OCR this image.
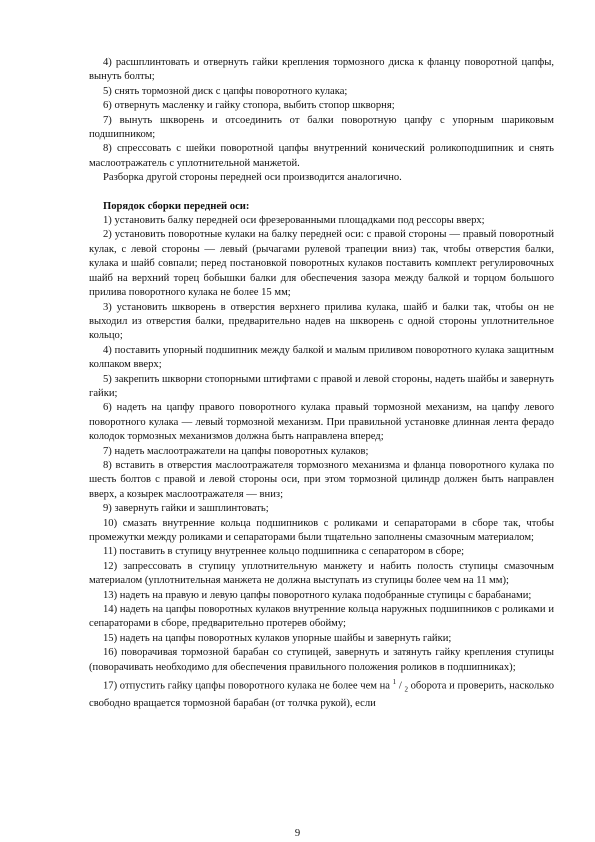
4) расшплинтовать и отвернуть гайки крепления тормозного диска к фланцу поворотной цапфы, вынуть болты;

5) снять тормозной диск с цапфы поворотного кулака;

6) отвернуть масленку и гайку стопора, выбить стопор шкворня;

7) вынуть шкворень и отсоединить от балки поворотную цапфу с упорным шариковым подшипником;

8) спрессовать с шейки поворотной цапфы внутренний конический роликоподшипник и снять маслоотражатель с уплотнительной манжетой.

Разборка другой стороны передней оси производится аналогично.

Порядок сборки передней оси:

1) установить балку передней оси фрезерованными площадками под рессоры вверх;

2) установить поворотные кулаки на балку передней оси: с правой стороны — правый поворотный кулак, с левой стороны — левый (рычагами рулевой трапеции вниз) так, чтобы отверстия балки, кулака и шайб совпали; перед постановкой поворотных кулаков поставить комплект регулировочных шайб на верхний торец бобышки балки для обеспечения зазора между балкой и торцом большого прилива поворотного кулака не более 15 мм;

3) установить шкворень в отверстия верхнего прилива кулака, шайб и балки так, чтобы он не выходил из отверстия балки, предварительно надев на шкворень с одной стороны уплотнительное кольцо;

4) поставить упорный подшипник между балкой и малым приливом поворотного кулака защитным колпаком вверх;

5) закрепить шкворни стопорными штифтами с правой и левой стороны, надеть шайбы и завернуть гайки;

6) надеть на цапфу правого поворотного кулака правый тормозной механизм, на цапфу левого поворотного кулака — левый тормозной механизм. При правильной установке длинная лента ферадо колодок тормозных механизмов должна быть направлена вперед;

7) надеть маслоотражатели на цапфы поворотных кулаков;

8) вставить в отверстия маслоотражателя тормозного механизма и фланца поворотного кулака по шесть болтов с правой и левой стороны оси, при этом тормозной цилиндр должен быть направлен вверх, а козырек маслоотражателя — вниз;

9) завернуть гайки и зашплинтовать;

10) смазать внутренние кольца подшипников с роликами и сепараторами в сборе так, чтобы промежутки между роликами и сепараторами были тщательно заполнены смазочным материалом;

11) поставить в ступицу внутреннее кольцо подшипника с сепаратором в сборе;

12) запрессовать в ступицу уплотнительную манжету и набить полость ступицы смазочным материалом (уплотнительная манжета не должна выступать из ступицы более чем на 11 мм);

13) надеть на правую и левую цапфы поворотного кулака подобранные ступицы с барабанами;

14) надеть на цапфы поворотных кулаков внутренние кольца наружных подшипников с роликами и сепараторами в сборе, предварительно протерев обойму;

15) надеть на цапфы поворотных кулаков упорные шайбы и завернуть гайки;

16) поворачивая тормозной барабан со ступицей, завернуть и затянуть гайку крепления ступицы (поворачивать необходимо для обеспечения правильного положения роликов в подшипниках);

17) отпустить гайку цапфы поворотного кулака не более чем на $^1$ / $_2$ оборота и проверить, насколько свободно вращается тормозной барабан (от толчка рукой), если

9
